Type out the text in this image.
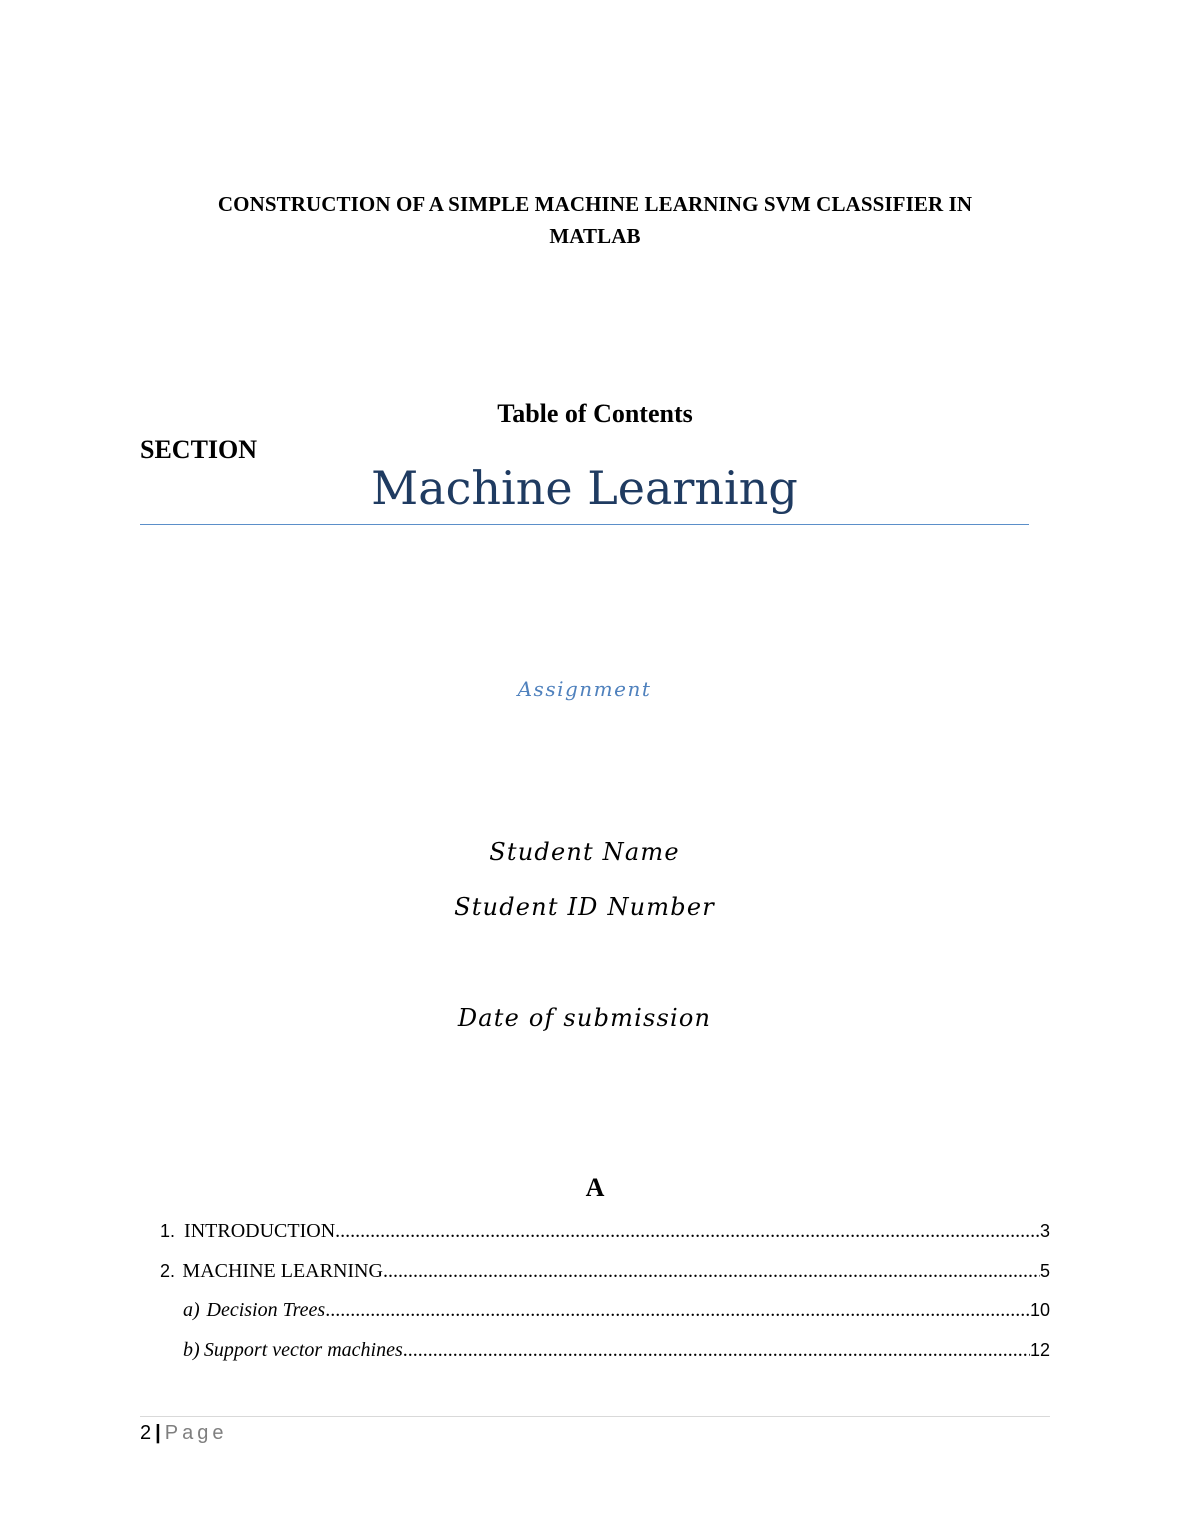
CONSTRUCTION OF A SIMPLE MACHINE LEARNING SVM CLASSIFIER IN
MATLAB
Table of Contents
SECTION
Machine Learning
Assignment
Student Name
Student ID Number
Date of submission
A
1. INTRODUCTION .....	3
2. MACHINE LEARNING .....	5
a) Decision Trees .....	10
b) Support vector machines .....	12
2 | Page
